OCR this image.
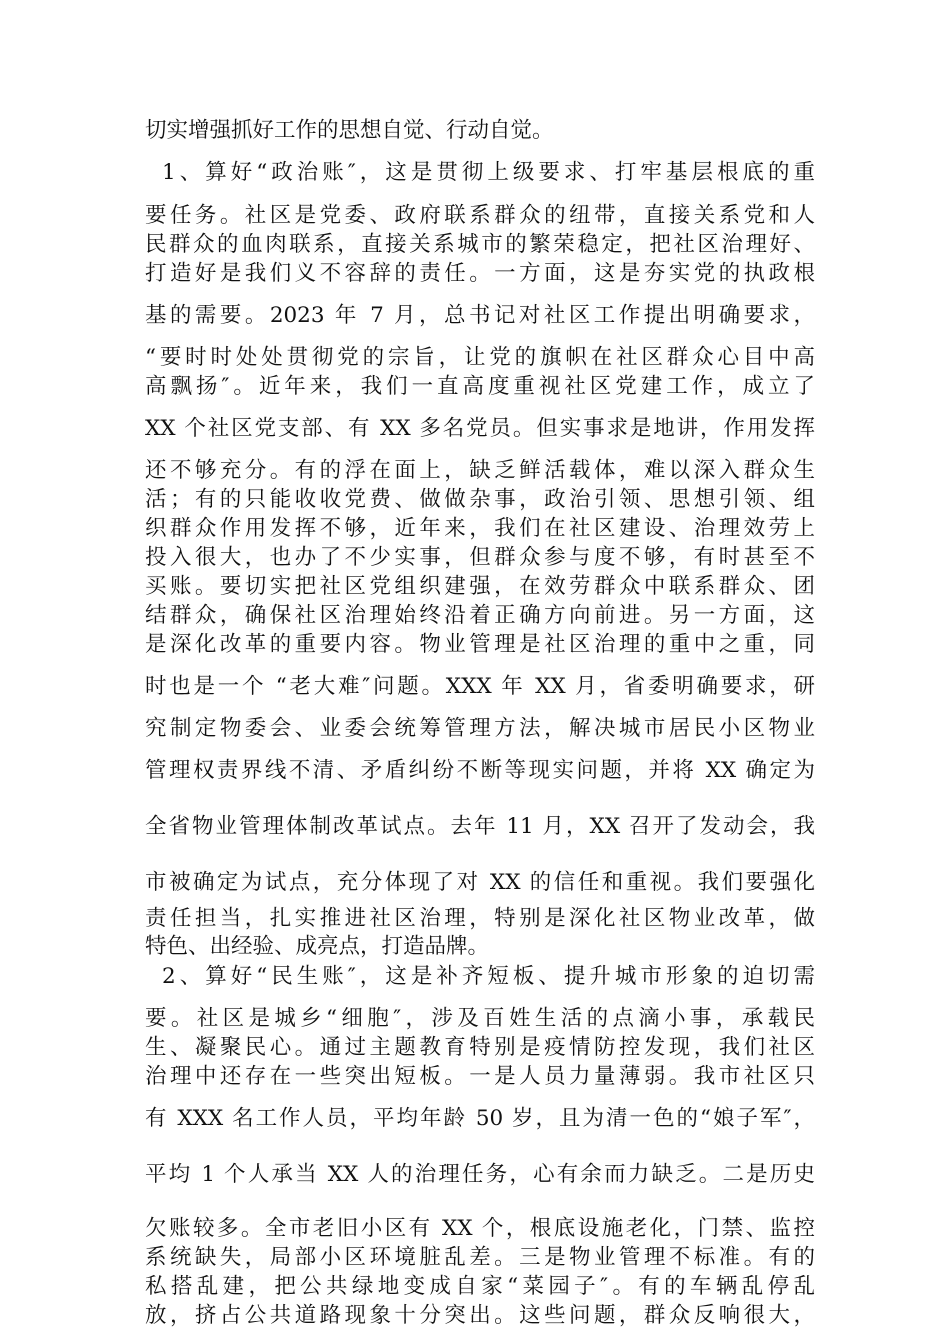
切实增强抓好工作的思想自觉、行动自觉。
1、算好“政治账″，这是贯彻上级要求、打牢基层根底的重
要任务。社区是党委、政府联系群众的纽带，直接关系党和人
民群众的血肉联系，直接关系城市的繁荣稳定，把社区治理好、
打造好是我们义不容辞的责任。一方面，这是夯实党的执政根
基的需要。2023 年 7 月，总书记对社区工作提出明确要求，
“要时时处处贯彻党的宗旨，让党的旗帜在社区群众心目中高
高飘扬″。近年来，我们一直高度重视社区党建工作，成立了
XX 个社区党支部、有 XX 多名党员。但实事求是地讲，作用发挥
还不够充分。有的浮在面上，缺乏鲜活载体，难以深入群众生
活；有的只能收收党费、做做杂事，政治引领、思想引领、组
织群众作用发挥不够，近年来，我们在社区建设、治理效劳上
投入很大，也办了不少实事，但群众参与度不够，有时甚至不
买账。要切实把社区党组织建强，在效劳群众中联系群众、团
结群众，确保社区治理始终沿着正确方向前进。另一方面，这
是深化改革的重要内容。物业管理是社区治理的重中之重，同
时也是一个 “老大难″问题。XXX 年 XX 月，省委明确要求，研
究制定物委会、业委会统筹管理方法，解决城市居民小区物业
管理权责界线不清、矛盾纠纷不断等现实问题，并将 XX 确定为
全省物业管理体制改革试点。去年 11 月，XX 召开了发动会，我
市被确定为试点，充分体现了对 XX 的信任和重视。我们要强化
责任担当，扎实推进社区治理，特别是深化社区物业改革，做
特色、出经验、成亮点，打造品牌。
2、算好“民生账″，这是补齐短板、提升城市形象的迫切需
要。社区是城乡“细胞″，涉及百姓生活的点滴小事，承载民
生、凝聚民心。通过主题教育特别是疫情防控发现，我们社区
治理中还存在一些突出短板。一是人员力量薄弱。我市社区只
有 XXX 名工作人员，平均年龄 50 岁，且为清一色的“娘子军″，
平均 1 个人承当 XX 人的治理任务，心有余而力缺乏。二是历史
欠账较多。全市老旧小区有 XX 个，根底设施老化，门禁、监控
系统缺失，局部小区环境脏乱差。三是物业管理不标准。有的
私搭乱建，把公共绿地变成自家“菜园子″。有的车辆乱停乱
放，挤占公共道路现象十分突出。这些问题，群众反响很大，
